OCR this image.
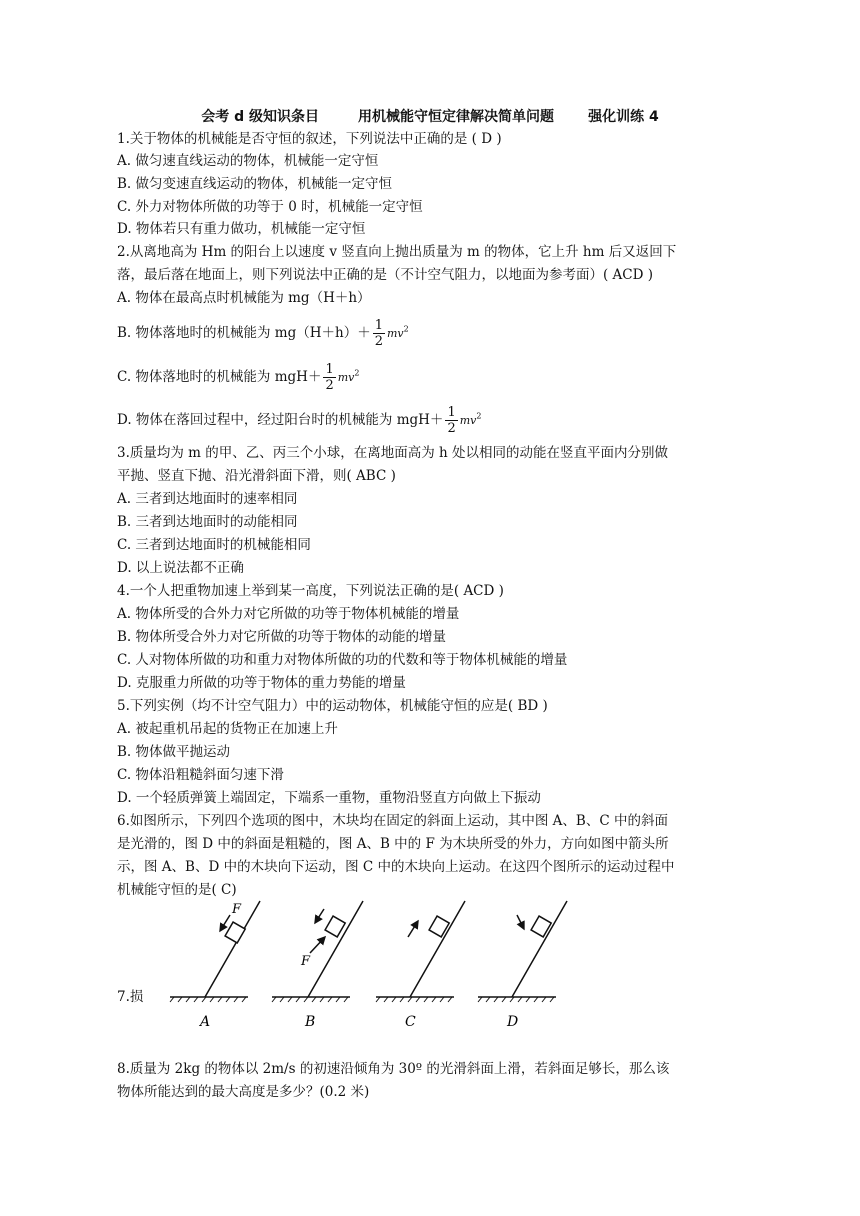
会考 d 级知识条目        用机械能守恒定律解决简单问题       强化训练 4
1.关于物体的机械能是否守恒的叙述，下列说法中正确的是 ( D )
A. 做匀速直线运动的物体，机械能一定守恒
B. 做匀变速直线运动的物体，机械能一定守恒
C. 外力对物体所做的功等于 0 时，机械能一定守恒
D. 物体若只有重力做功，机械能一定守恒
2.从离地高为 Hm 的阳台上以速度 v 竖直向上抛出质量为 m 的物体，它上升 hm 后又返回下
落，最后落在地面上，则下列说法中正确的是（不计空气阻力，以地面为参考面）( ACD )
A. 物体在最高点时机械能为 mg（H＋h）
B. 物体落地时的机械能为 $mg(H+h)+ \frac{1}{2} mv^2$
C. 物体落地时的机械能为 $mgH+ \frac{1}{2} mv^2$
D. 物体在落回过程中，经过阳台时的机械能为 $mgH+ \frac{1}{2} mv^2$
3.质量均为 m 的甲、乙、丙三个小球，在离地面高为 h 处以相同的动能在竖直平面内分别做
平抛、竖直下抛、沿光滑斜面下滑，则( ABC )
A. 三者到达地面时的速率相同
B. 三者到达地面时的动能相同
C. 三者到达地面时的机械能相同
D. 以上说法都不正确
4.一个人把重物加速上举到某一高度，下列说法正确的是( ACD )
A. 物体所受的合外力对它所做的功等于物体机械能的增量
B. 物体所受合外力对它所做的功等于物体的动能的增量
C. 人对物体所做的功和重力对物体所做的功的代数和等于物体机械能的增量
D. 克服重力所做的功等于物体的重力势能的增量
5.下列实例（均不计空气阻力）中的运动物体，机械能守恒的应是( BD )
A. 被起重机吊起的货物正在加速上升
B. 物体做平抛运动
C. 物体沿粗糙斜面匀速下滑
D. 一个轻质弹簧上端固定，下端系一重物，重物沿竖直方向做上下振动
6.如图所示，下列四个选项的图中，木块均在固定的斜面上运动，其中图 A、B、C 中的斜面
是光滑的，图 D 中的斜面是粗糙的，图 A、B 中的 F 为木块所受的外力，方向如图中箭头所
示，图 A、B、D 中的木块向下运动，图 C 中的木块向上运动。在这四个图所示的运动过程中
机械能守恒的是( C)
F
A
F
B	C	D
7.损
8.质量为 2kg 的物体以 2m/s 的初速沿倾角为 30º 的光滑斜面上滑，若斜面足够长，那么该
物体所能达到的最大高度是多少？(0.2 米)
